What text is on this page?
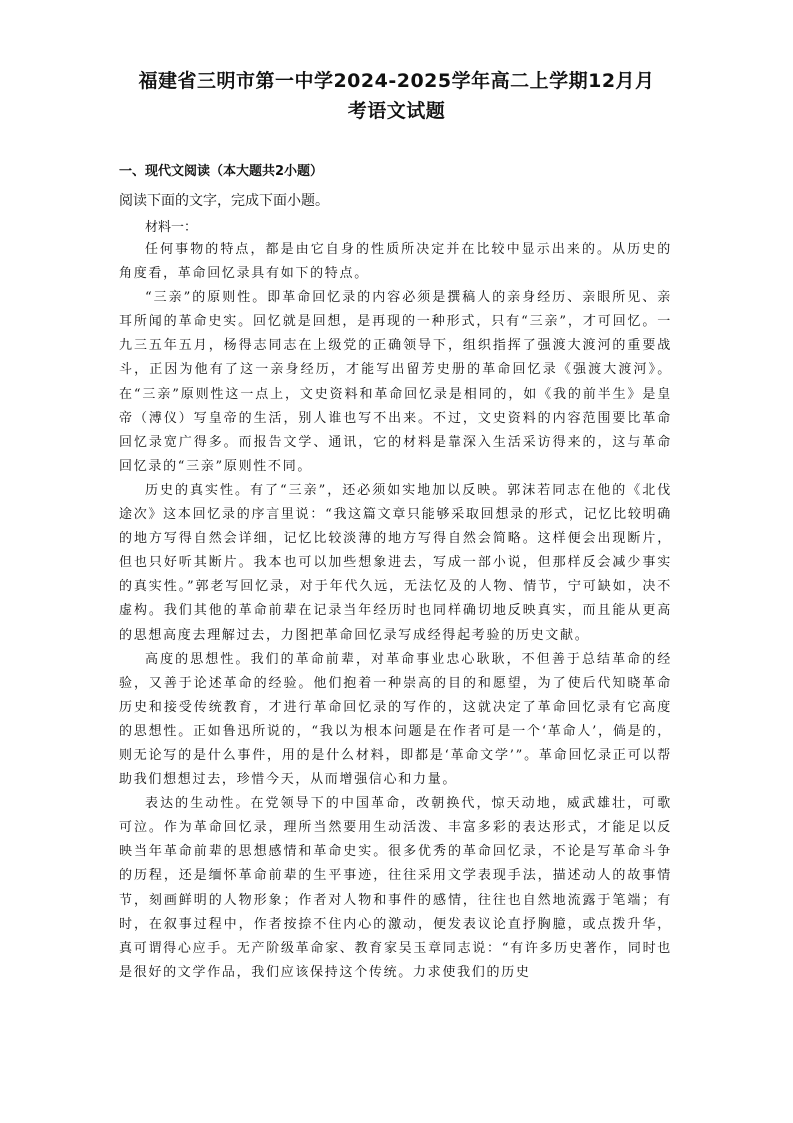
福建省三明市第一中学2024-2025学年高二上学期12月月
考语文试题
一、现代文阅读（本大题共2小题）
阅读下面的文字，完成下面小题。
材料一：

任何事物的特点，都是由它自身的性质所决定并在比较中显示出来的。从历史的角度看，革命回忆录具有如下的特点。

“三亲”的原则性。即革命回忆录的内容必须是撰稿人的亲身经历、亲眼所见、亲耳所闻的革命史实。回忆就是回想，是再现的一种形式，只有“三亲”，才可回忆。一九三五年五月，杨得志同志在上级党的正确领导下，组织指挥了强渡大渡河的重要战斗，正因为他有了这一亲身经历，才能写出留芳史册的革命回忆录《强渡大渡河》。在“三亲”原则性这一点上，文史资料和革命回忆录是相同的，如《我的前半生》是皇帝（溥仪）写皇帝的生活，别人谁也写不出来。不过，文史资料的内容范围要比革命回忆录宽广得多。而报告文学、通讯，它的材料是靠深入生活采访得来的，这与革命回忆录的“三亲”原则性不同。

历史的真实性。有了“三亲”，还必须如实地加以反映。郭沫若同志在他的《北伐途次》这本回忆录的序言里说：“我这篇文章只能够采取回想录的形式，记忆比较明确的地方写得自然会详细，记忆比较淡薄的地方写得自然会简略。这样便会出现断片，但也只好听其断片。我本也可以加些想象进去，写成一部小说，但那样反会减少事实的真实性。”郭老写回忆录，对于年代久远，无法忆及的人物、情节，宁可缺如，决不虚构。我们其他的革命前辈在记录当年经历时也同样确切地反映真实，而且能从更高的思想高度去理解过去，力图把革命回忆录写成经得起考验的历史文献。

高度的思想性。我们的革命前辈，对革命事业忠心耿耿，不但善于总结革命的经验，又善于论述革命的经验。他们抱着一种崇高的目的和愿望，为了使后代知晓革命历史和接受传统教育，才进行革命回忆录的写作的，这就决定了革命回忆录有它高度的思想性。正如鲁迅所说的，“我以为根本问题是在作者可是一个‘革命人’，倘是的，则无论写的是什么事件，用的是什么材料，即都是‘革命文学’”。革命回忆录正可以帮助我们想想过去，珍惜今天，从而增强信心和力量。

表达的生动性。在党领导下的中国革命，改朝换代，惊天动地，威武雄壮，可歌可泣。作为革命回忆录，理所当然要用生动活泼、丰富多彩的表达形式，才能足以反映当年革命前辈的思想感情和革命史实。很多优秀的革命回忆录，不论是写革命斗争的历程，还是缅怀革命前辈的生平事迹，往往采用文学表现手法，描述动人的故事情节，刻画鲜明的人物形象；作者对人物和事件的感情，往往也自然地流露于笔端；有时，在叙事过程中，作者按捺不住内心的激动，便发表议论直抒胸臆，或点拨升华，真可谓得心应手。无产阶级革命家、教育家吴玉章同志说：“有许多历史著作，同时也是很好的文学作品，我们应该保持这个传统。力求使我们的历史
